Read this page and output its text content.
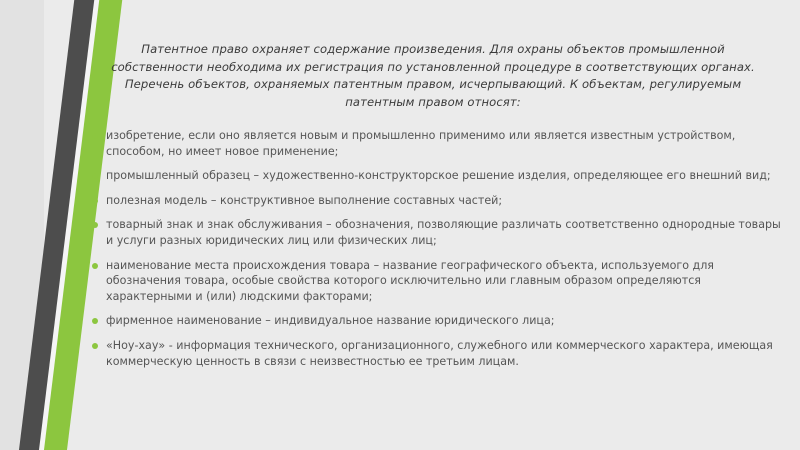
Патентное право охраняет содержание произведения. Для охраны объектов промышленной собственности необходима их регистрация по установленной процедуре в соответствующих органах. Перечень объектов, охраняемых патентным правом, исчерпывающий. К объектам, регулируемым патентным правом относят:
изобретение, если оно является новым и промышленно применимо или является известным устройством, способом, но имеет новое применение;
промышленный образец – художественно-конструкторское решение изделия, определяющее его внешний вид;
полезная модель – конструктивное выполнение составных частей;
товарный знак и знак обслуживания – обозначения, позволяющие различать соответственно однородные товары и услуги разных юридических лиц или физических лиц;
наименование места происхождения товара – название географического объекта, используемого для обозначения товара, особые свойства которого исключительно или главным образом определяются характерными и (или) людскими факторами;
фирменное наименование – индивидуальное название юридического лица;
«Ноу-хау» - информация технического, организационного, служебного или коммерческого характера, имеющая коммерческую ценность в связи с неизвестностью ее третьим лицам.
